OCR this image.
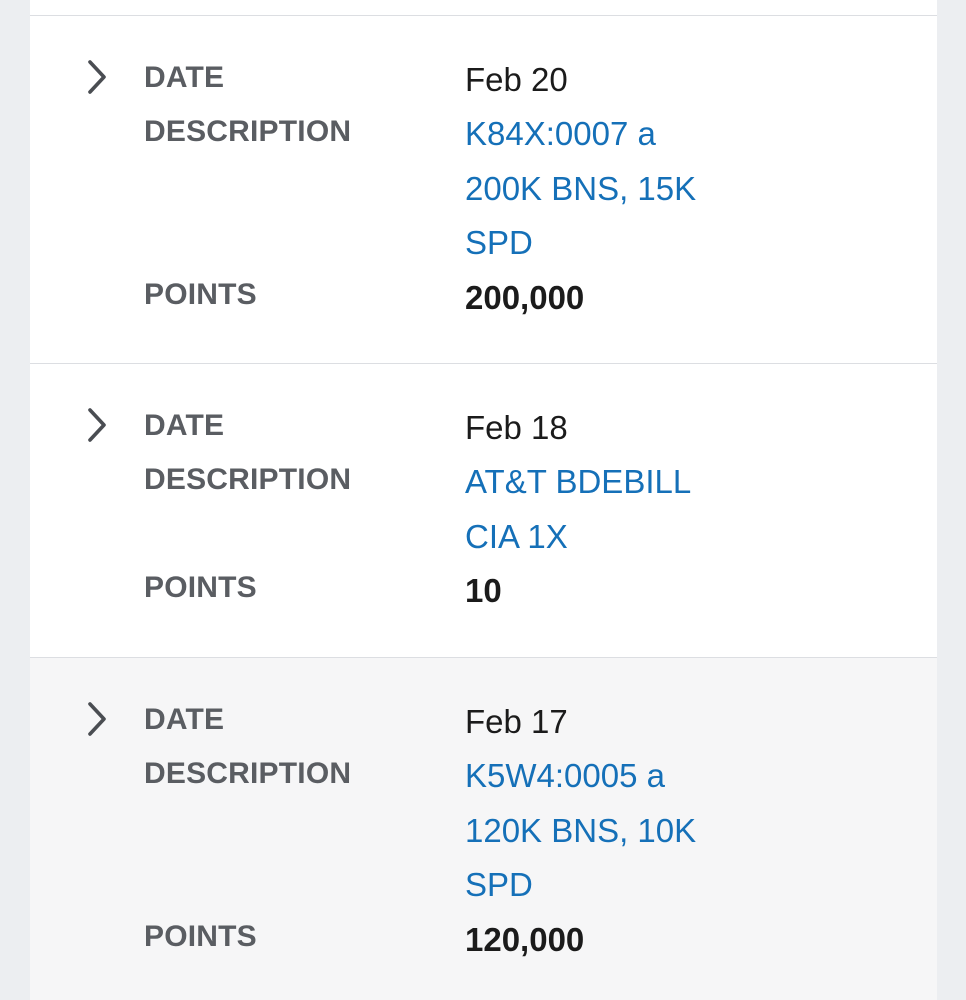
DATE	Feb 20
DESCRIPTION	K84X:0007 a
200K BNS, 15K
SPD
POINTS	200,000
DATE	Feb 18
DESCRIPTION	AT&T BDEBILL
CIA 1X
POINTS	10
DATE	Feb 17
DESCRIPTION	K5W4:0005 a
120K BNS, 10K
SPD
POINTS	120,000
